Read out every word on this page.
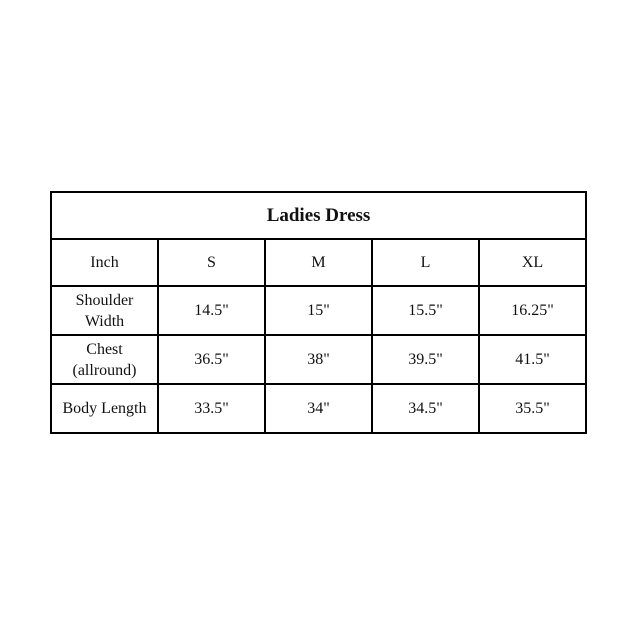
Ladies Dress				
Inch	S	M	L	XL
Shoulder
Width	14.5"	15"	15.5"	16.25"
Chest
(allround)	36.5"	38"	39.5"	41.5"
Body Length	33.5"	34"	34.5"	35.5"
